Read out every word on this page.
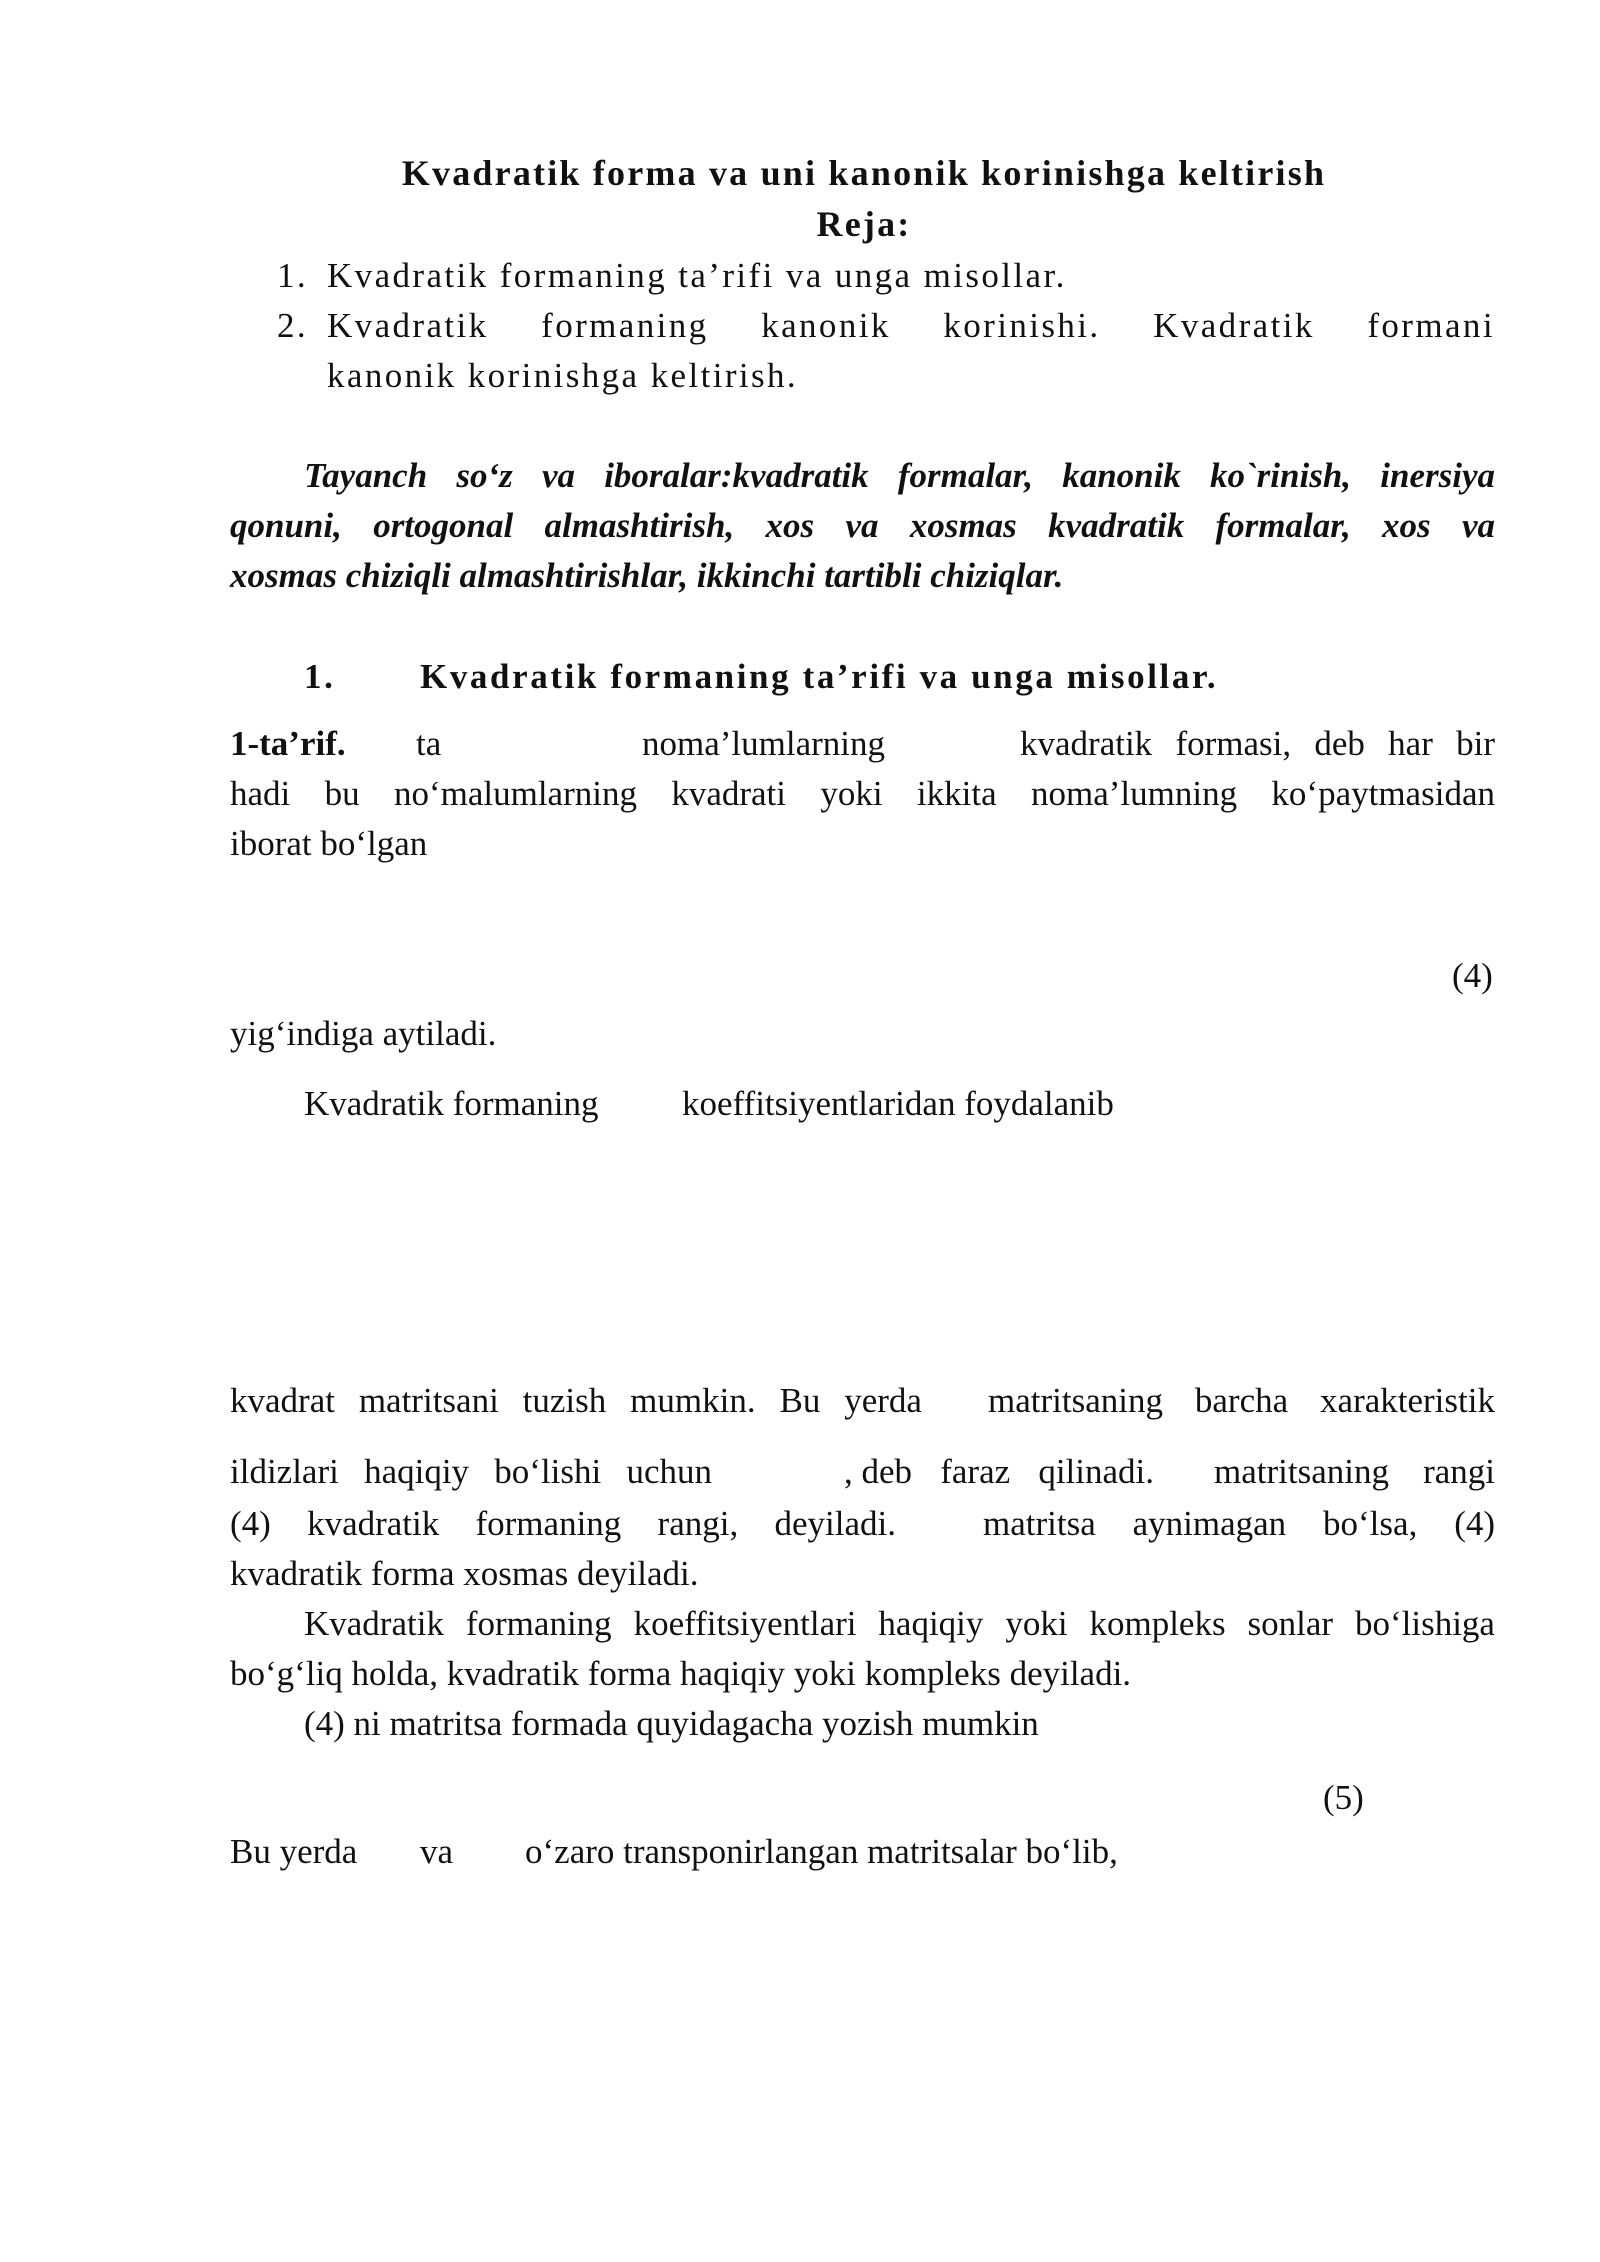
Kvadratik forma va uni kanonik korinishga keltirish
Reja:
1. Kvadratik formaning ta’rifi va unga misollar.
2. Kvadratik formaning kanonik korinishi. Kvadratik formani
kanonik korinishga keltirish.
Tayanch so‘z va iboralar:kvadratik formalar, kanonik ko`rinish, inersiya
qonuni, ortogonal almashtirish, xos va xosmas kvadratik formalar, xos va
xosmas chiziqli almashtirishlar, ikkinchi tartibli chiziqlar.
1. Kvadratik formaning ta’rifi va unga misollar.
1-ta’rif. ta	noma’lumlarning	kvadratik formasi, deb har bir
hadi bu no‘malumlarning kvadrati yoki ikkita noma’lumning ko‘paytmasidan
iborat bo‘lgan
(4)
yig‘indiga aytiladi.
Kvadratik formaning koeffitsiyentlaridan foydalanib
kvadrat matritsani tuzish mumkin. Bu yerda matritsaning barcha xarakteristik
ildizlari haqiqiy bo‘lishi uchun	, deb faraz qilinadi. matritsaning rangi
(4) kvadratik formaning rangi, deyiladi. matritsa aynimagan bo‘lsa, (4)
kvadratik forma xosmas deyiladi.
Kvadratik formaning koeffitsiyentlari haqiqiy yoki kompleks sonlar bo‘lishiga
bo‘g‘liq holda, kvadratik forma haqiqiy yoki kompleks deyiladi.
(4) ni matritsa formada quyidagacha yozish mumkin
(5)
Bu yerda va o‘zaro transponirlangan matritsalar bo‘lib,
